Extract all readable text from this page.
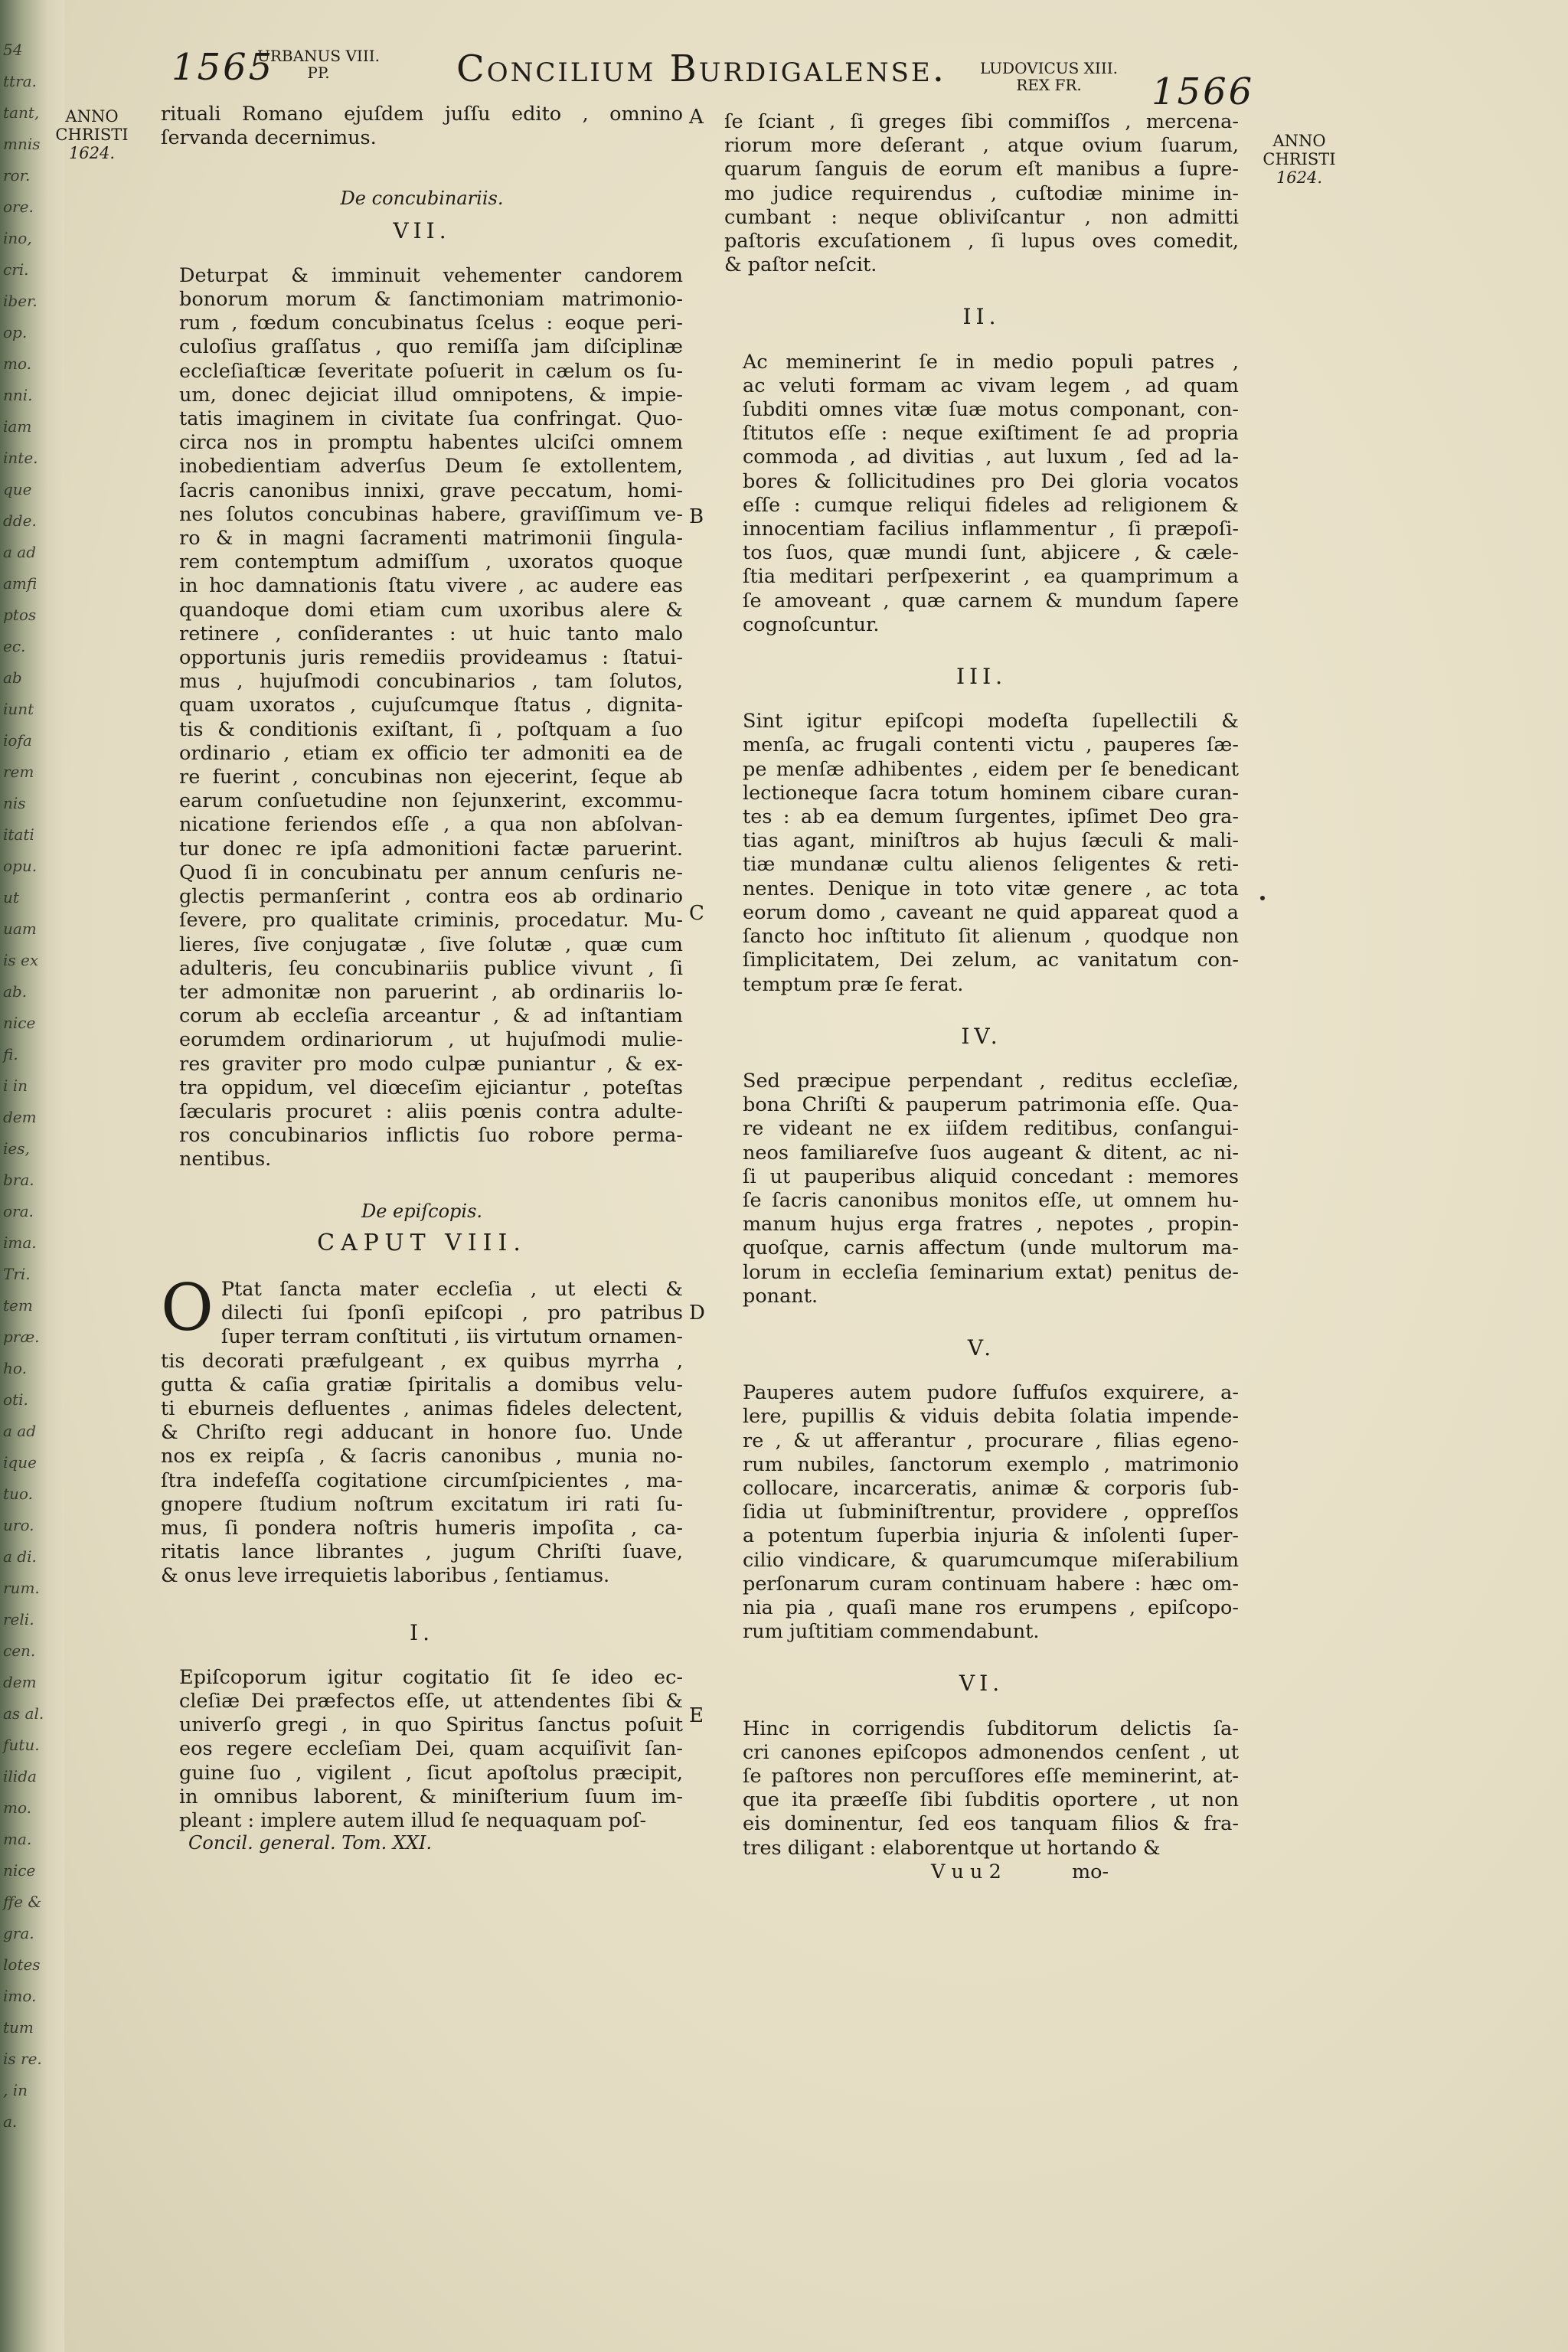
54
ttra.
tant,
mnis
ror.
ore.
ino,
cri.
iber.
op.
mo.
nni.
iam
inte.
que
dde.
a ad
amfi
ptos
ec.
ab
iunt
iofa
rem
nis
itati
opu.
ut
uam
is ex
ab.
nice
fi.
i in
dem
ies,
bra.
ora.
ima.
Tri.
tem
præ.
ho.
oti.
a ad
ique
tuo.
uro.
a di.
rum.
reli.
cen.
dem
as al.
futu.
ilida
mo.
ma.
nice
ffe &
gra.
lotes
imo.
tum
is re.
, in
a.
1565
URBANUS VIII.
PP.	Concilium Burdigalense. LUDOVICUS XIII.
REX FR.	1566
ANNO
CHRISTI
1624.
ANNO
CHRISTI
1624.
A
B
C
D
E
rituali Romano ejuſdem juſſu edito , omnino
ſervanda decernimus.
De concubinariis.
VII.
Deturpat & imminuit vehementer candorem
bonorum morum & ſanctimoniam matrimonio-
rum , fœdum concubinatus ſcelus : eoque peri-
culoſius graſſatus , quo remiſſa jam diſciplinæ
eccleſiaſticæ ſeveritate poſuerit in cælum os ſu-
um, donec dejiciat illud omnipotens, & impie-
tatis imaginem in civitate ſua confringat. Quo-
circa nos in promptu habentes ulciſci omnem
inobedientiam adverſus Deum ſe extollentem,
ſacris canonibus innixi, grave peccatum, homi-
nes ſolutos concubinas habere, graviſſimum ve-
ro & in magni ſacramenti matrimonii ſingula-
rem contemptum admiſſum , uxoratos quoque
in hoc damnationis ſtatu vivere , ac audere eas
quandoque domi etiam cum uxoribus alere &
retinere , conſiderantes : ut huic tanto malo
opportunis juris remediis provideamus : ſtatui-
mus , hujuſmodi concubinarios , tam ſolutos,
quam uxoratos , cujuſcumque ſtatus , dignita-
tis & conditionis exiſtant, ſi , poſtquam a ſuo
ordinario , etiam ex officio ter admoniti ea de
re fuerint , concubinas non ejecerint, ſeque ab
earum conſuetudine non ſejunxerint, excommu-
nicatione feriendos eſſe , a qua non abſolvan-
tur donec re ipſa admonitioni factæ paruerint.
Quod ſi in concubinatu per annum cenſuris ne-
glectis permanſerint , contra eos ab ordinario
ſevere, pro qualitate criminis, procedatur. Mu-
lieres, ſive conjugatæ , ſive ſolutæ , quæ cum
adulteris, ſeu concubinariis publice vivunt , ſi
ter admonitæ non paruerint , ab ordinariis lo-
corum ab eccleſia arceantur , & ad inſtantiam
eorumdem ordinariorum , ut hujuſmodi mulie-
res graviter pro modo culpæ puniantur , & ex-
tra oppidum, vel diœceſim ejiciantur , poteſtas
ſæcularis procuret : aliis pœnis contra adulte-
ros concubinarios inflictis ſuo robore perma-
nentibus.
De epiſcopis.
CAPUT VIII.
O Ptat ſancta mater eccleſia , ut electi &
dilecti ſui ſponſi epiſcopi , pro patribus
ſuper terram conſtituti , iis virtutum ornamen-
tis decorati præfulgeant , ex quibus myrrha ,
gutta & caſia gratiæ ſpiritalis a domibus velu-
ti eburneis defluentes , animas fideles delectent,
& Chriſto regi adducant in honore ſuo. Unde
nos ex reipſa , & ſacris canonibus , munia no-
ſtra indefeſſa cogitatione circumſpicientes , ma-
gnopere ſtudium noſtrum excitatum iri rati ſu-
mus, ſi pondera noſtris humeris impoſita , ca-
ritatis lance librantes , jugum Chriſti ſuave,
& onus leve irrequietis laboribus , ſentiamus.
I.
Epiſcoporum igitur cogitatio ſit ſe ideo ec-
cleſiæ Dei præfectos eſſe, ut attendentes ſibi &
univerſo gregi , in quo Spiritus ſanctus poſuit
eos regere eccleſiam Dei, quam acquiſivit ſan-
guine ſuo , vigilent , ſicut apoſtolus præcipit,
in omnibus laborent, & miniſterium ſuum im-
pleant : implere autem illud ſe nequaquam poſ-
Concil. general. Tom. XXI.
ſe ſciant , ſi greges ſibi commiſſos , mercena-
riorum more deſerant , atque ovium ſuarum,
quarum ſanguis de eorum eſt manibus a ſupre-
mo judice requirendus , cuſtodiæ minime in-
cumbant : neque obliviſcantur , non admitti
paſtoris excuſationem , ſi lupus oves comedit,
& paſtor neſcit.
II.
Ac meminerint ſe in medio populi patres ,
ac veluti formam ac vivam legem , ad quam
ſubditi omnes vitæ ſuæ motus componant, con-
ſtitutos eſſe : neque exiſtiment ſe ad propria
commoda , ad divitias , aut luxum , ſed ad la-
bores & ſollicitudines pro Dei gloria vocatos
eſſe : cumque reliqui fideles ad religionem &
innocentiam facilius inflammentur , ſi præpoſi-
tos ſuos, quæ mundi ſunt, abjicere , & cæle-
ſtia meditari perſpexerint , ea quamprimum a
ſe amoveant , quæ carnem & mundum ſapere
cognoſcuntur.
III.
Sint igitur epiſcopi modeſta ſupellectili &
menſa, ac frugali contenti victu , pauperes ſæ-
pe menſæ adhibentes , eidem per ſe benedicant
lectioneque ſacra totum hominem cibare curan-
tes : ab ea demum ſurgentes, ipſimet Deo gra-
tias agant, miniſtros ab hujus ſæculi & mali-
tiæ mundanæ cultu alienos ſeligentes & reti-
nentes. Denique in toto vitæ genere , ac tota
eorum domo , caveant ne quid appareat quod a
ſancto hoc inſtituto ſit alienum , quodque non
ſimplicitatem, Dei zelum, ac vanitatum con-
temptum præ ſe ferat.
IV.
Sed præcipue perpendant , reditus eccleſiæ,
bona Chriſti & pauperum patrimonia eſſe. Qua-
re videant ne ex iiſdem reditibus, conſangui-
neos familiareſve ſuos augeant & ditent, ac ni-
ſi ut pauperibus aliquid concedant : memores
ſe ſacris canonibus monitos eſſe, ut omnem hu-
manum hujus erga fratres , nepotes , propin-
quoſque, carnis affectum (unde multorum ma-
lorum in eccleſia ſeminarium extat) penitus de-
ponant.
V.
Pauperes autem pudore ſuffuſos exquirere, a-
lere, pupillis & viduis debita ſolatia impende-
re , & ut afferantur , procurare , filias egeno-
rum nubiles, ſanctorum exemplo , matrimonio
collocare, incarceratis, animæ & corporis ſub-
ſidia ut ſubminiſtrentur, providere , oppreſſos
a potentum ſuperbia injuria & inſolenti ſuper-
cilio vindicare, & quarumcumque miſerabilium
perſonarum curam continuam habere : hæc om-
nia pia , quaſi mane ros erumpens , epiſcopo-
rum juſtitiam commendabunt.
VI.
Hinc in corrigendis ſubditorum delictis ſa-
cri canones epiſcopos admonendos cenſent , ut
ſe paſtores non percuſſores eſſe meminerint, at-
que ita præeſſe ſibi ſubditis oportere , ut non
eis dominentur, ſed eos tanquam filios & fra-
tres diligant : elaborentque ut hortando &
V u u 2	mo-
